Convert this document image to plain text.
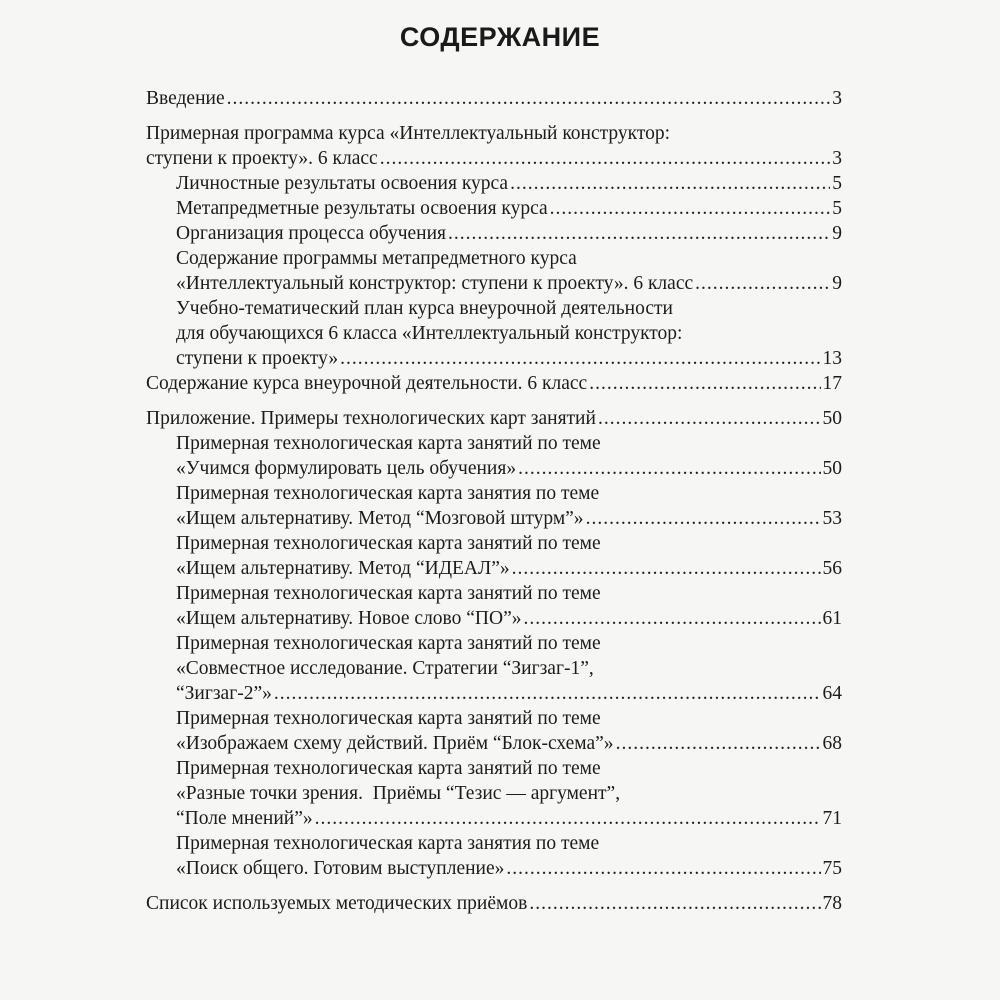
СОДЕРЖАНИЕ
Введение .....	3
Примерная программа курса «Интеллектуальный конструктор:
ступени к проекту». 6 класс .....	3
Личностные результаты освоения курса .....	5
Метапредметные результаты освоения курса .....	5
Организация процесса обучения .....	9
Содержание программы метапредметного курса
«Интеллектуальный конструктор: ступени к проекту». 6 класс .....	9
Учебно-тематический план курса внеурочной деятельности
для обучающихся 6 класса «Интеллектуальный конструктор:
ступени к проекту» .....	13
Содержание курса внеурочной деятельности. 6 класс .....	17
Приложение. Примеры технологических карт занятий .....	50
Примерная технологическая карта занятий по теме
«Учимся формулировать цель обучения» .....	50
Примерная технологическая карта занятия по теме
«Ищем альтернативу. Метод “Мозговой штурм”» .....	53
Примерная технологическая карта занятий по теме
«Ищем альтернативу. Метод “ИДЕАЛ”» .....	56
Примерная технологическая карта занятий по теме
«Ищем альтернативу. Новое слово “ПО”» .....	61
Примерная технологическая карта занятий по теме
«Совместное исследование. Стратегии “Зигзаг-1”,
“Зигзаг-2”» .....	64
Примерная технологическая карта занятий по теме
«Изображаем схему действий. Приём “Блок-схема”» .....	68
Примерная технологическая карта занятий по теме
«Разные точки зрения.  Приёмы “Тезис — аргумент”,
“Поле мнений”» .....	71
Примерная технологическая карта занятия по теме
«Поиск общего. Готовим выступление» .....	75
Список используемых методических приёмов .....	78
